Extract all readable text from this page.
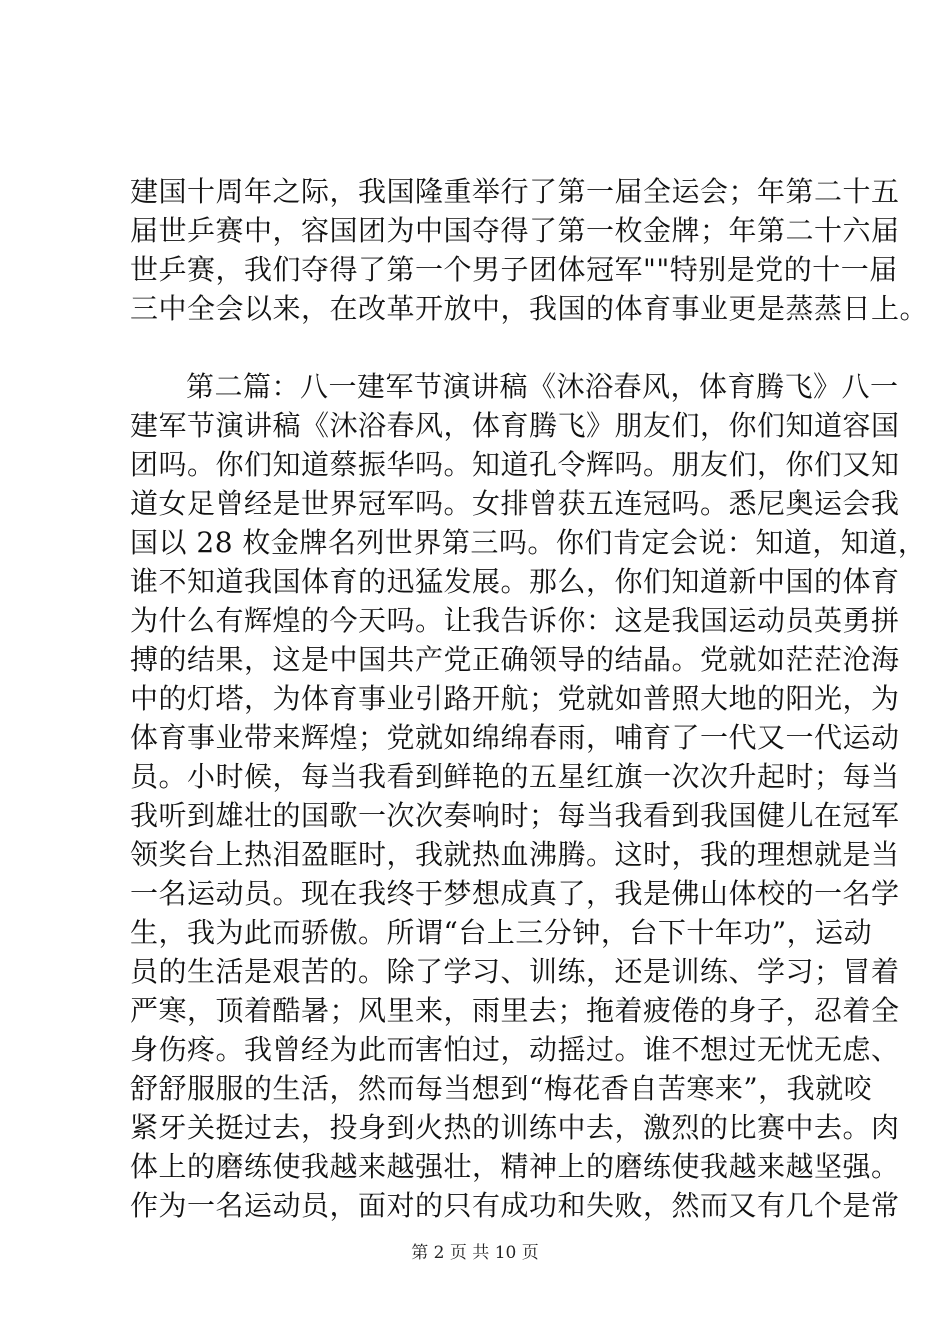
建国十周年之际，我国隆重举行了第一届全运会；年第二十五
届世乒赛中，容国团为中国夺得了第一枚金牌；年第二十六届
世乒赛，我们夺得了第一个男子团体冠军""特别是党的十一届
三中全会以来，在改革开放中，我国的体育事业更是蒸蒸日上。
第二篇：八一建军节演讲稿《沐浴春风，体育腾飞》八一
建军节演讲稿《沐浴春风，体育腾飞》朋友们，你们知道容国
团吗。你们知道蔡振华吗。知道孔令辉吗。朋友们，你们又知
道女足曾经是世界冠军吗。女排曾获五连冠吗。悉尼奥运会我
国以 28 枚金牌名列世界第三吗。你们肯定会说：知道，知道，
谁不知道我国体育的迅猛发展。那么，你们知道新中国的体育
为什么有辉煌的今天吗。让我告诉你：这是我国运动员英勇拼
搏的结果，这是中国共产党正确领导的结晶。党就如茫茫沧海
中的灯塔，为体育事业引路开航；党就如普照大地的阳光，为
体育事业带来辉煌；党就如绵绵春雨，哺育了一代又一代运动
员。小时候，每当我看到鲜艳的五星红旗一次次升起时；每当
我听到雄壮的国歌一次次奏响时；每当我看到我国健儿在冠军
领奖台上热泪盈眶时，我就热血沸腾。这时，我的理想就是当
一名运动员。现在我终于梦想成真了，我是佛山体校的一名学
生，我为此而骄傲。所谓“台上三分钟，台下十年功”，运动
员的生活是艰苦的。除了学习、训练，还是训练、学习；冒着
严寒，顶着酷暑；风里来，雨里去；拖着疲倦的身子，忍着全
身伤疼。我曾经为此而害怕过，动摇过。谁不想过无忧无虑、
舒舒服服的生活，然而每当想到“梅花香自苦寒来”，我就咬
紧牙关挺过去，投身到火热的训练中去，激烈的比赛中去。肉
体上的磨练使我越来越强壮，精神上的磨练使我越来越坚强。
作为一名运动员，面对的只有成功和失败，然而又有几个是常
第 2 页 共 10 页
